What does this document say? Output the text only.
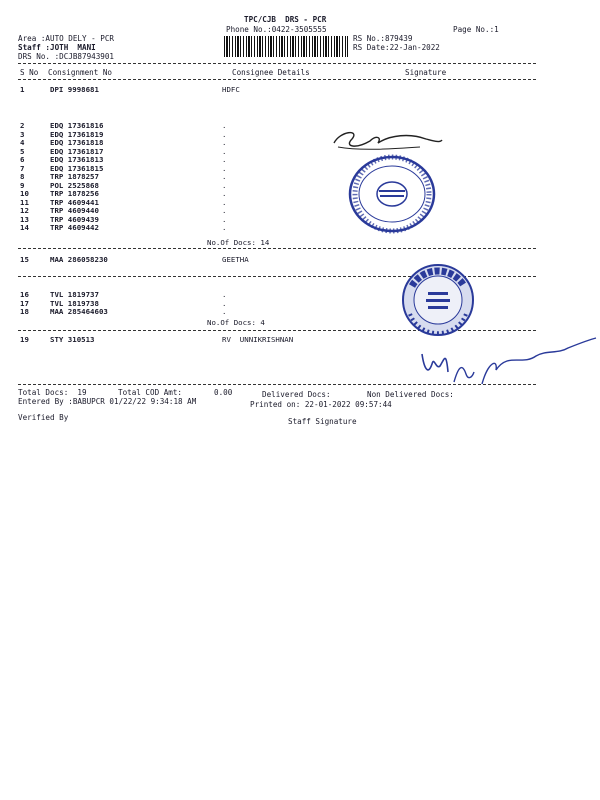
TPC/CJB  DRS - PCR
Phone No.:0422-3505555	Page No.:1
Area :AUTO DELY - PCR
Staff :JOTH  MANI
DRS No. :DCJB87943901
RS No.:879439
RS Date:22-Jan-2022
S No Consignment No	Consignee Details	Signature
1	DPI 9998681	HDFC
2	EDQ 17361816	.
3	EDQ 17361819	.
4	EDQ 17361818	.
5	EDQ 17361817	.
6	EDQ 17361813	.
7	EDQ 17361815	.
8	TRP 1878257	.
9	POL 2525868	.
10	TRP 1878256	.
11	TRP 4609441	.
12	TRP 4609440	.
13	TRP 4609439	.
14	TRP 4609442	.
No.Of Docs: 14
15	MAA 286058230	GEETHA
16	TVL 1819737	.
17	TVL 1819738	.
18	MAA 285464603	.
No.Of Docs: 4
19	STY 310513	RV  UNNIKRISHNAN
Total Docs:  19	Total COD Amt:	0.00	Delivered Docs:	Non Delivered Docs:
Entered By :BABUPCR 01/22/22 9:34:18 AM	Printed on: 22-01-2022 09:57:44
Verified By	Staff Signature
